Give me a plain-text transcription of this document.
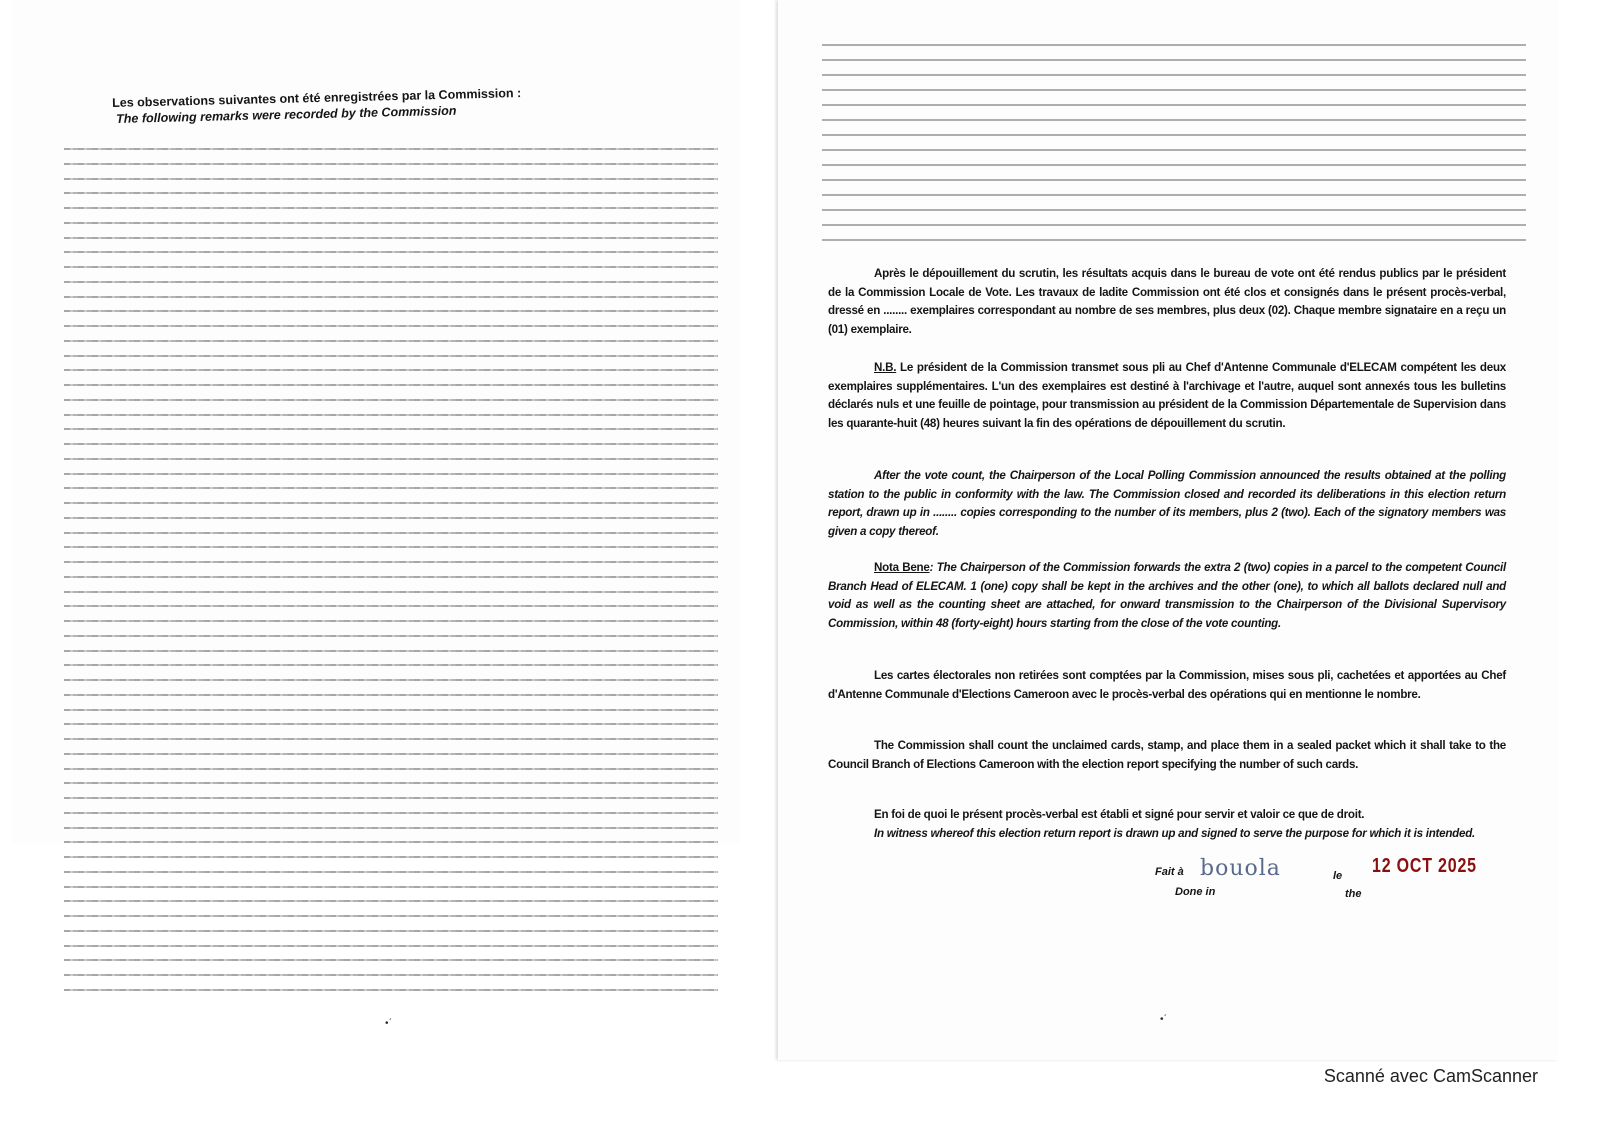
Les observations suivantes ont été enregistrées par la Commission :
The following remarks were recorded by the Commission
Après le dépouillement du scrutin, les résultats acquis dans le bureau de vote ont été rendus publics par le président de la Commission Locale de Vote. Les travaux de ladite Commission ont été clos et consignés dans le présent procès-verbal, dressé en ........ exemplaires correspondant au nombre de ses membres, plus deux (02). Chaque membre signataire en a reçu un (01) exemplaire.
N.B. Le président de la Commission transmet sous pli au Chef d'Antenne Communale d'ELECAM compétent les deux exemplaires supplémentaires. L'un des exemplaires est destiné à l'archivage et l'autre, auquel sont annexés tous les bulletins déclarés nuls et une feuille de pointage, pour transmission au président de la Commission Départementale de Supervision dans les quarante-huit (48) heures suivant la fin des opérations de dépouillement du scrutin.
After the vote count, the Chairperson of the Local Polling Commission announced the results obtained at the polling station to the public in conformity with the law. The Commission closed and recorded its deliberations in this election return report, drawn up in ........ copies corresponding to the number of its members, plus 2 (two). Each of the signatory members was given a copy thereof.
Nota Bene: The Chairperson of the Commission forwards the extra 2 (two) copies in a parcel to the competent Council Branch Head of ELECAM. 1 (one) copy shall be kept in the archives and the other (one), to which all ballots declared null and void as well as the counting sheet are attached, for onward transmission to the Chairperson of the Divisional Supervisory Commission, within 48 (forty-eight) hours starting from the close of the vote counting.
Les cartes électorales non retirées sont comptées par la Commission, mises sous pli, cachetées et apportées au Chef d'Antenne Communale d'Elections Cameroon avec le procès-verbal des opérations qui en mentionne le nombre.
The Commission shall count the unclaimed cards, stamp, and place them in a sealed packet which it shall take to the Council Branch of Elections Cameroon with the election report specifying the number of such cards.
En foi de quoi le présent procès-verbal est établi et signé pour servir et valoir ce que de droit.
In witness whereof this election return report is drawn up and signed to serve the purpose for which it is intended.
Fait à
Done in
le
the
bouola	12 OCT 2025
•ˊ	•ˊ
Scanné avec CamScanner
